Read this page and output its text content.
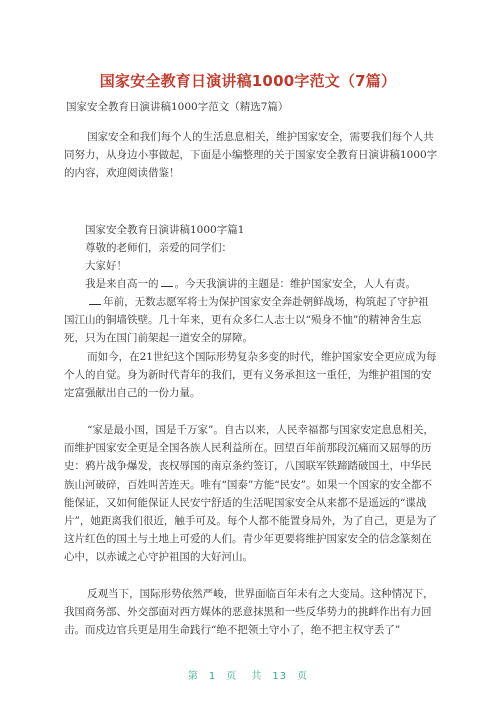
国家安全教育日演讲稿1000字范文（7篇）
国家安全教育日演讲稿1000字范文（精选7篇）

国家安全和我们每个人的生活息息相关，维护国家安全，需要我们每个人共同努力，从身边小事做起，下面是小编整理的关于国家安全教育日演讲稿1000字的内容，欢迎阅读借鉴！

国家安全教育日演讲稿1000字篇1
尊敬的老师们，亲爱的同学们：
大家好！
我是来自高一的 。今天我演讲的主题是：维护国家安全，人人有责。

年前，无数志愿军将士为保护国家安全奔赴朝鲜战场，构筑起了守护祖国江山的铜墙铁壁。几十年来，更有众多仁人志士以“殒身不恤”的精神舍生忘死，只为在国门前架起一道安全的屏障。

而如今，在21世纪这个国际形势复杂多变的时代，维护国家安全更应成为每个人的自觉。身为新时代青年的我们，更有义务承担这一重任，为维护祖国的安定富强献出自己的一份力量。

“家是最小国，国是千万家”。自古以来，人民幸福都与国家安定息息相关，而维护国家安全更是全国各族人民利益所在。回望百年前那段沉痛而又屈辱的历史：鸦片战争爆发，丧权辱国的南京条约签订，八国联军铁蹄踏破国土，中华民族山河破碎，百姓叫苦连天。唯有“国泰”方能“民安”。如果一个国家的安全都不能保证，又如何能保证人民安宁舒适的生活呢国家安全从来都不是遥远的“谍战片”，她距离我们很近，触手可及。每个人都不能置身局外，为了自己，更是为了这片红色的国土与土地上可爱的人们。青少年更要将维护国家安全的信念篆刻在心中，以赤诚之心守护祖国的大好河山。

反观当下，国际形势依然严峻，世界面临百年未有之大变局。这种情况下，我国商务部、外交部面对西方媒体的恶意抹黑和一些反华势力的挑衅作出有力回击。而戍边官兵更是用生命践行“绝不把领土守小了，绝不把主权守丢了”

第 1 页 共 13 页
